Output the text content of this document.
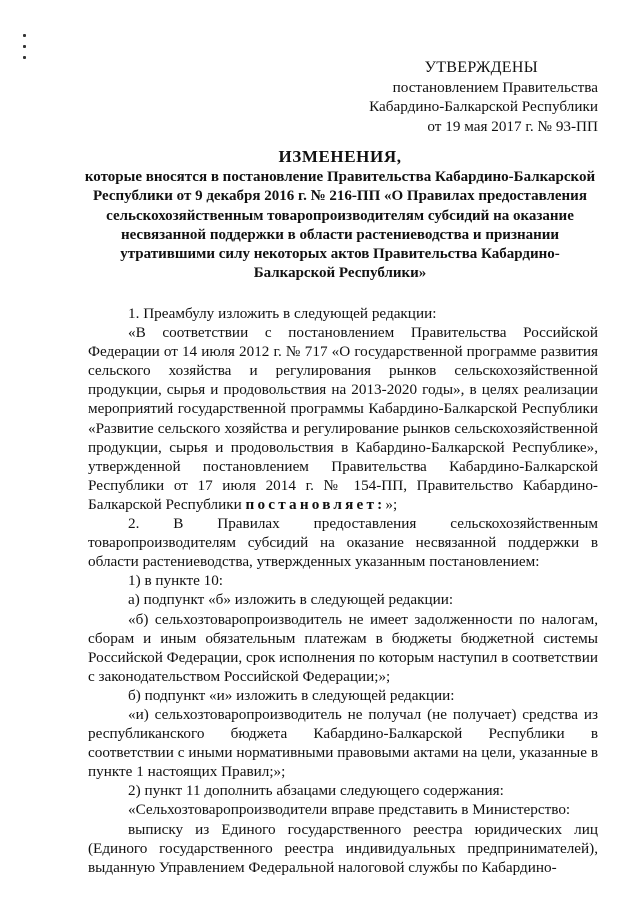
УТВЕРЖДЕНЫ
постановлением Правительства
Кабардино-Балкарской Республики
от 19 мая 2017 г. № 93-ПП
ИЗМЕНЕНИЯ,
которые вносятся в постановление Правительства Кабардино-Балкарской Республики от 9 декабря 2016 г. № 216-ПП «О Правилах предоставления сельскохозяйственным товаропроизводителям субсидий на оказание несвязанной поддержки в области растениеводства и признании утратившими силу некоторых актов Правительства Кабардино-Балкарской Республики»

1. Преамбулу изложить в следующей редакции:

«В соответствии с постановлением Правительства Российской Федерации от 14 июля 2012 г. № 717 «О государственной программе развития сельского хозяйства и регулирования рынков сельскохозяйственной продукции, сырья и продовольствия на 2013-2020 годы», в целях реализации мероприятий государственной программы Кабардино-Балкарской Республики «Развитие сельского хозяйства и регулирование рынков сельскохозяйственной продукции, сырья и продовольствия в Кабардино-Балкарской Республике», утвержденной постановлением Правительства Кабардино-Балкарской Республики от 17 июля 2014 г. № 154-ПП, Правительство Кабардино-Балкарской Республики постановляет:»;

2. В Правилах предоставления сельскохозяйственным товаропроизводителям субсидий на оказание несвязанной поддержки в области растениеводства, утвержденных указанным постановлением:

1) в пункте 10:

а) подпункт «б» изложить в следующей редакции:

«б) сельхозтоваропроизводитель не имеет задолженности по налогам, сборам и иным обязательным платежам в бюджеты бюджетной системы Российской Федерации, срок исполнения по которым наступил в соответствии с законодательством Российской Федерации;»;

б) подпункт «и» изложить в следующей редакции:

«и) сельхозтоваропроизводитель не получал (не получает) средства из республиканского бюджета Кабардино-Балкарской Республики в соответствии с иными нормативными правовыми актами на цели, указанные в пункте 1 настоящих Правил;»;

2) пункт 11 дополнить абзацами следующего содержания:

«Сельхозтоваропроизводители вправе представить в Министерство:

выписку из Единого государственного реестра юридических лиц (Единого государственного реестра индивидуальных предпринимателей), выданную Управлением Федеральной налоговой службы по Кабардино-
